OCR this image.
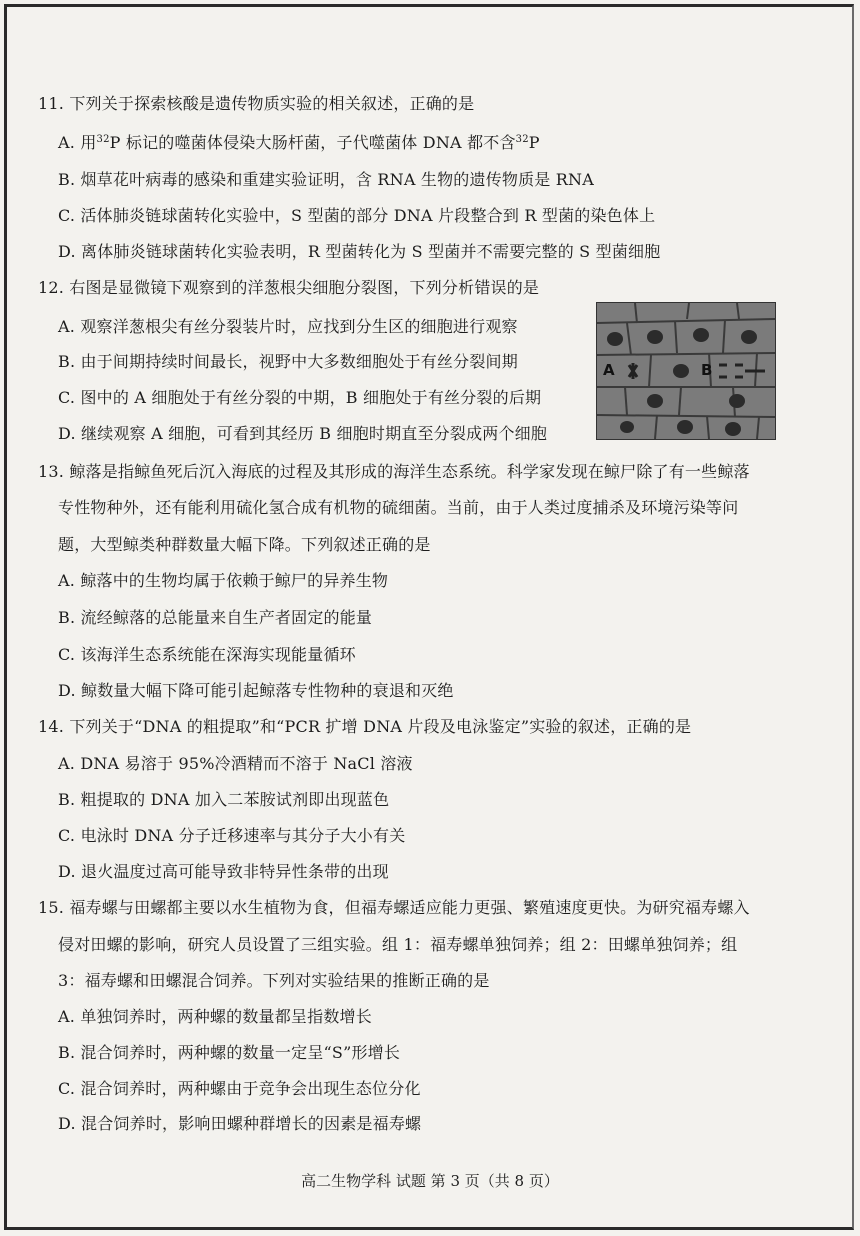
11. 下列关于探索核酸是遗传物质实验的相关叙述，正确的是
A. 用$^{32}$P 标记的噬菌体侵染大肠杆菌，子代噬菌体 DNA 都不含$^{32}$P
B. 烟草花叶病毒的感染和重建实验证明，含 RNA 生物的遗传物质是 RNA
C. 活体肺炎链球菌转化实验中，S 型菌的部分 DNA 片段整合到 R 型菌的染色体上
D. 离体肺炎链球菌转化实验表明，R 型菌转化为 S 型菌并不需要完整的 S 型菌细胞
12. 右图是显微镜下观察到的洋葱根尖细胞分裂图，下列分析错误的是
A. 观察洋葱根尖有丝分裂装片时，应找到分生区的细胞进行观察
B. 由于间期持续时间最长，视野中大多数细胞处于有丝分裂间期
C. 图中的 A 细胞处于有丝分裂的中期，B 细胞处于有丝分裂的后期
D. 继续观察 A 细胞，可看到其经历 B 细胞时期直至分裂成两个细胞
A	B
13. 鲸落是指鲸鱼死后沉入海底的过程及其形成的海洋生态系统。科学家发现在鲸尸除了有一些鲸落
专性物种外，还有能利用硫化氢合成有机物的硫细菌。当前，由于人类过度捕杀及环境污染等问
题，大型鲸类种群数量大幅下降。下列叙述正确的是
A. 鲸落中的生物均属于依赖于鲸尸的异养生物
B. 流经鲸落的总能量来自生产者固定的能量
C. 该海洋生态系统能在深海实现能量循环
D. 鲸数量大幅下降可能引起鲸落专性物种的衰退和灭绝
14. 下列关于“DNA 的粗提取”和“PCR 扩增 DNA 片段及电泳鉴定”实验的叙述，正确的是
A. DNA 易溶于 95%冷酒精而不溶于 NaCl 溶液
B. 粗提取的 DNA 加入二苯胺试剂即出现蓝色
C. 电泳时 DNA 分子迁移速率与其分子大小有关
D. 退火温度过高可能导致非特异性条带的出现
15. 福寿螺与田螺都主要以水生植物为食，但福寿螺适应能力更强、繁殖速度更快。为研究福寿螺入
侵对田螺的影响，研究人员设置了三组实验。组 1：福寿螺单独饲养；组 2：田螺单独饲养；组
3：福寿螺和田螺混合饲养。下列对实验结果的推断正确的是
A. 单独饲养时，两种螺的数量都呈指数增长
B. 混合饲养时，两种螺的数量一定呈“S”形增长
C. 混合饲养时，两种螺由于竞争会出现生态位分化
D. 混合饲养时，影响田螺种群增长的因素是福寿螺
高二生物学科 试题 第 3 页（共 8 页）
